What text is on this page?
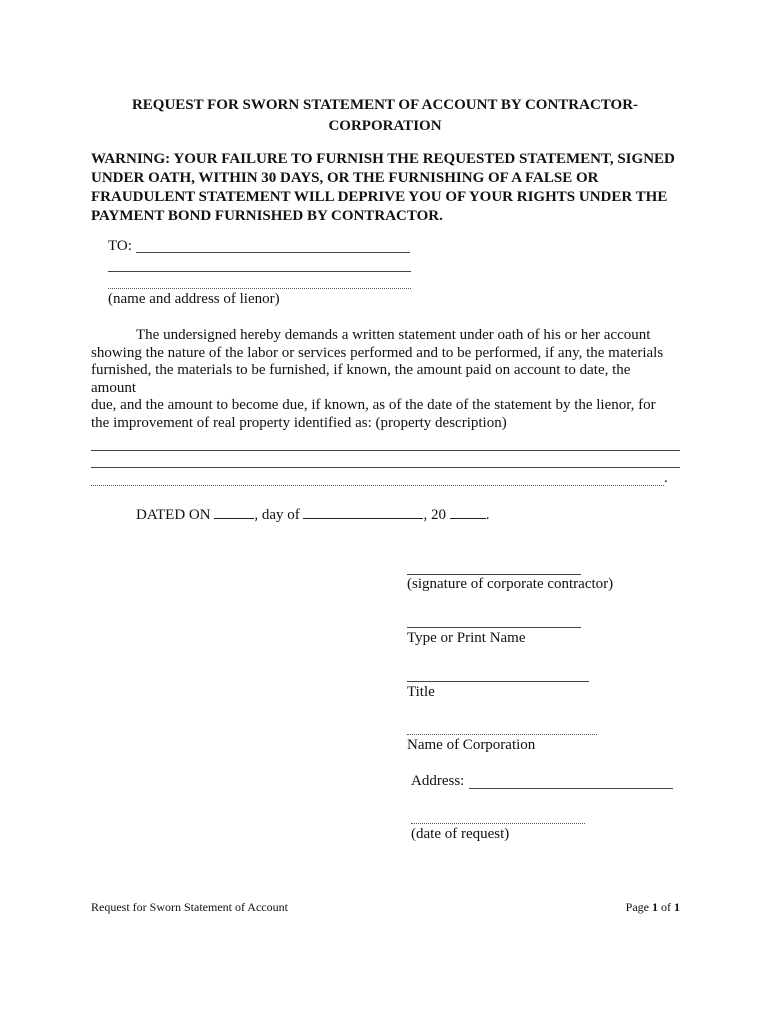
REQUEST FOR SWORN STATEMENT OF ACCOUNT BY CONTRACTOR-
CORPORATION
WARNING: YOUR FAILURE TO FURNISH THE REQUESTED STATEMENT, SIGNED UNDER OATH, WITHIN 30 DAYS, OR THE FURNISHING OF A FALSE OR FRAUDULENT STATEMENT WILL DEPRIVE YOU OF YOUR RIGHTS UNDER THE PAYMENT BOND FURNISHED BY CONTRACTOR.
TO:
(name and address of lienor)
The undersigned hereby demands a written statement under oath of his or her account
showing the nature of the labor or services performed and to be performed, if any, the materials
furnished, the materials to be furnished, if known, the amount paid on account to date, the
amount
due, and the amount to become due, if known, as of the date of the statement by the lienor, for
the improvement of real property identified as: (property description)
.
DATED ON	, day of	, 20	.
(signature of corporate contractor)
Type or Print Name
Title
Name of Corporation
Address:
(date of request)
Request for Sworn Statement of Account	Page 1 of 1
